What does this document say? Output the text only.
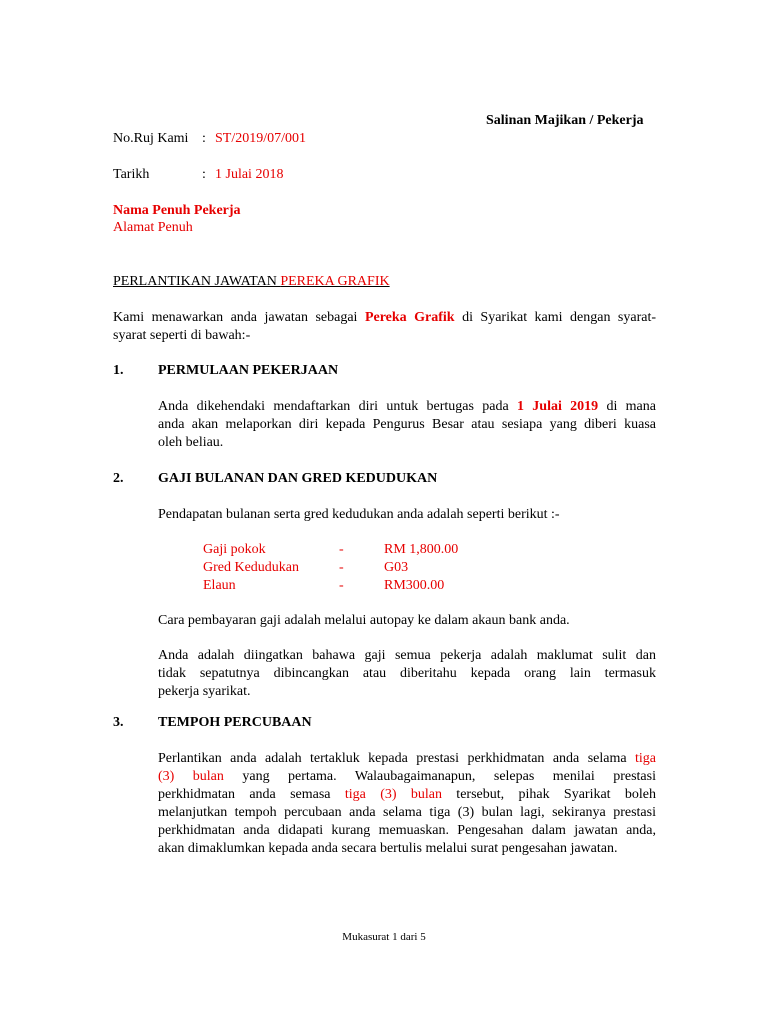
Salinan Majikan / Pekerja
No.Ruj Kami : ST/2019/07/001
Tarikh	: 1 Julai 2018
Nama Penuh Pekerja
Alamat Penuh
PERLANTIKAN JAWATAN PEREKA GRAFIK
Kami menawarkan anda jawatan sebagai Pereka Grafik di Syarikat kami dengan syarat-
syarat seperti di bawah:-
1. PERMULAAN PEKERJAAN
Anda dikehendaki mendaftarkan diri untuk bertugas pada 1 Julai 2019 di mana
anda akan melaporkan diri kepada Pengurus Besar atau sesiapa yang diberi kuasa
oleh beliau.
2. GAJI BULANAN DAN GRED KEDUDUKAN
Pendapatan bulanan serta gred kedudukan anda adalah seperti berikut :-
Gaji pokok	-	RM 1,800.00
Gred Kedudukan	-	G03
Elaun	-	RM300.00
Cara pembayaran gaji adalah melalui autopay ke dalam akaun bank anda.
Anda adalah diingatkan bahawa gaji semua pekerja adalah maklumat sulit dan
tidak sepatutnya dibincangkan atau diberitahu kepada orang lain termasuk
pekerja syarikat.
3. TEMPOH PERCUBAAN
Perlantikan anda adalah tertakluk kepada prestasi perkhidmatan anda selama tiga
(3) bulan yang pertama. Walaubagaimanapun, selepas menilai prestasi
perkhidmatan anda semasa tiga (3) bulan tersebut, pihak Syarikat boleh
melanjutkan tempoh percubaan anda selama tiga (3) bulan lagi, sekiranya prestasi
perkhidmatan anda didapati kurang memuaskan. Pengesahan dalam jawatan anda,
akan dimaklumkan kepada anda secara bertulis melalui surat pengesahan jawatan.
Mukasurat 1 dari 5
